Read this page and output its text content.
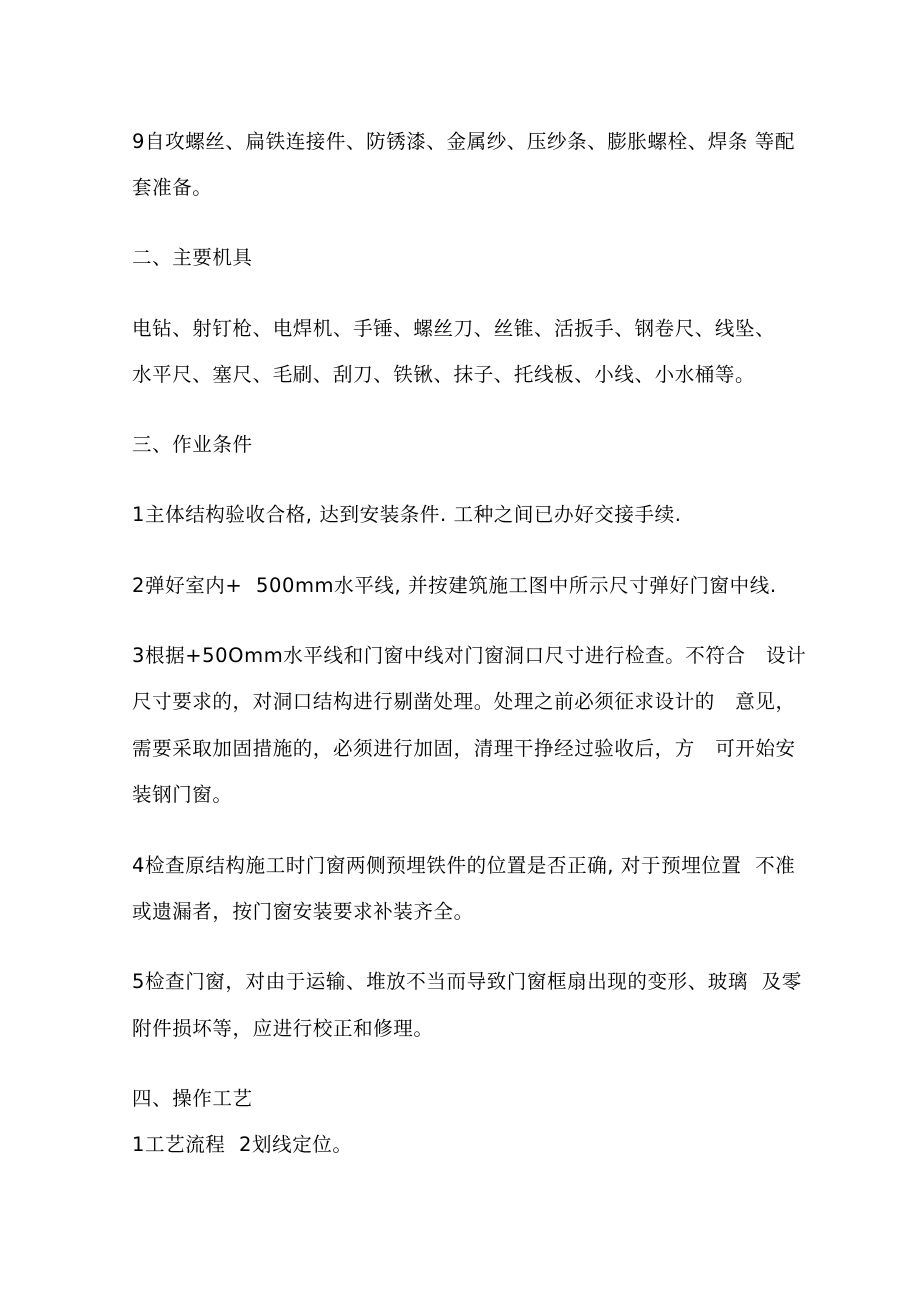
9自攻螺丝、扁铁连接件、防锈漆、金属纱、压纱条、膨胀螺栓、焊条 等配
套准备。
二、主要机具
电钻、射钉枪、电焊机、手锤、螺丝刀、丝锥、活扳手、钢卷尺、线坠、
水平尺、塞尺、毛刷、刮刀、铁锹、抹子、托线板、小线、小水桶等。
三、作业条件
1主体结构验收合格, 达到安装条件. 工种之间已办好交接手续.
2弹好室内+  500mm水平线, 并按建筑施工图中所示尺寸弹好门窗中线.
3根据+50Omm水平线和门窗中线对门窗洞口尺寸进行检查。不符合   设计
尺寸要求的，对洞口结构进行剔凿处理。处理之前必须征求设计的   意见，
需要采取加固措施的，必须进行加固，清理干挣经过验收后，方   可开始安
装钢门窗。
4检查原结构施工时门窗两侧预埋铁件的位置是否正确, 对于预埋位置  不准
或遗漏者，按门窗安装要求补装齐全。
5检查门窗，对由于运输、堆放不当而导致门窗框扇出现的变形、玻璃  及零
附件损坏等，应进行校正和修理。
四、操作工艺
1工艺流程  2划线定位。
